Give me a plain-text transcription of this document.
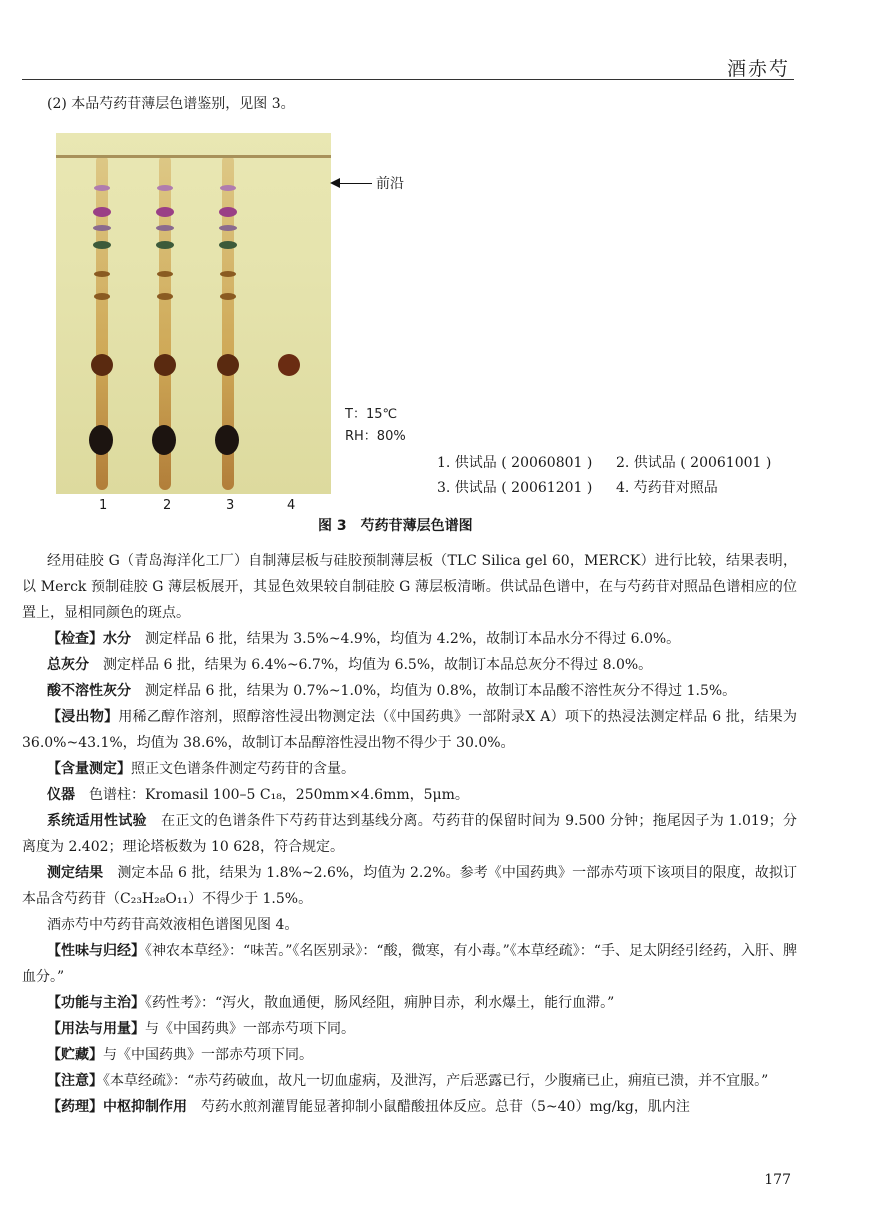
酒赤芍
(2) 本品芍药苷薄层色谱鉴别，见图 3。
前沿
T：15℃
RH：80%
1. 供试品 ( 20060801 ) 2. 供试品 ( 20061001 )
3. 供试品 ( 20061201 ) 4. 芍药苷对照品
1	2	3	4
图 3　芍药苷薄层色谱图

经用硅胶 G（青岛海洋化工厂）自制薄层板与硅胶预制薄层板（TLC Silica gel 60，MERCK）进行比较，结果表明，以 Merck 预制硅胶 G 薄层板展开，其显色效果较自制硅胶 G 薄层板清晰。供试品色谱中，在与芍药苷对照品色谱相应的位置上，显相同颜色的斑点。

【检查】水分　 测定样品 6 批，结果为 3.5%~4.9%，均值为 4.2%，故制订本品水分不得过 6.0%。

总灰分　 测定样品 6 批，结果为 6.4%~6.7%，均值为 6.5%，故制订本品总灰分不得过 8.0%。

酸不溶性灰分　 测定样品 6 批，结果为 0.7%~1.0%，均值为 0.8%，故制订本品酸不溶性灰分不得过 1.5%。

【浸出物】用稀乙醇作溶剂，照醇溶性浸出物测定法（《中国药典》一部附录Ⅹ A）项下的热浸法测定样品 6 批，结果为 36.0%~43.1%，均值为 38.6%，故制订本品醇溶性浸出物不得少于 30.0%。

【含量测定】照正文色谱条件测定芍药苷的含量。

仪器　 色谱柱：Kromasil 100–5 C₁₈，250mm×4.6mm，5μm。

系统适用性试验　 在正文的色谱条件下芍药苷达到基线分离。芍药苷的保留时间为 9.500 分钟；拖尾因子为 1.019；分离度为 2.402；理论塔板数为 10 628，符合规定。

测定结果　 测定本品 6 批，结果为 1.8%~2.6%，均值为 2.2%。参考《中国药典》一部赤芍项下该项目的限度，故拟订本品含芍药苷（C₂₃H₂₈O₁₁）不得少于 1.5%。

酒赤芍中芍药苷高效液相色谱图见图 4。

【性味与归经】《神农本草经》：“味苦。”《名医别录》：“酸，微寒，有小毒。”《本草经疏》：“手、足太阴经引经药，入肝、脾血分。”

【功能与主治】《药性考》：“泻火，散血通便，肠风经阻，痈肿目赤，利水爆土，能行血滞。”

【用法与用量】与《中国药典》一部赤芍项下同。

【贮藏】与《中国药典》一部赤芍项下同。

【注意】《本草经疏》：“赤芍药破血，故凡一切血虚病，及泄泻，产后恶露已行，少腹痛已止，痈疽已溃，并不宜服。”

【药理】中枢抑制作用　 芍药水煎剂灌胃能显著抑制小鼠醋酸扭体反应。总苷（5~40）mg/kg，肌内注

177
